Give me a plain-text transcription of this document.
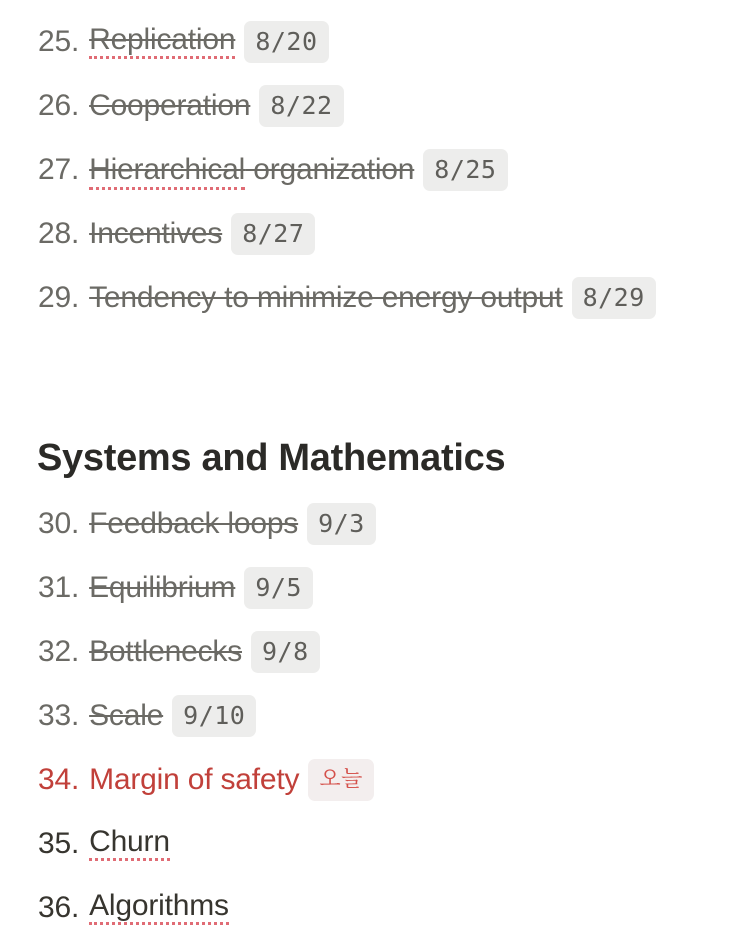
25. Replication 8/20
26. Cooperation 8/22
27. Hierarchical organization 8/25
28. Incentives 8/27
29. Tendency to minimize energy output 8/29
Systems and Mathematics
30. Feedback loops 9/3
31. Equilibrium 9/5
32. Bottlenecks 9/8
33. Scale 9/10
34. Margin of safety 오늘
35. Churn
36. Algorithms
